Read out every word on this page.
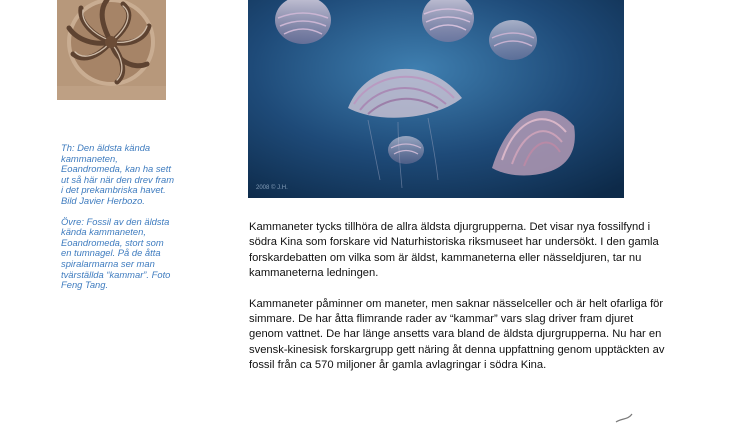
Th: Den äldsta kända kammaneten, Eoandromeda, kan ha sett ut så här när den drev fram i det prekambriska havet. Bild Javier Herbozo.

Övre: Fossil av den äldsta kända kammaneten, Eoandromeda, stort som en tumnagel. På de åtta spiralarmarna ser man tvärställda “kammar”. Foto Feng Tang.

2008 © J.H.

Kammaneter tycks tillhöra de allra äldsta djurgrupperna. Det visar nya fossilfynd i södra Kina som forskare vid Naturhistoriska riksmuseet har undersökt. I den gamla forskardebatten om vilka som är äldst, kammaneterna eller nässeldjuren, tar nu kammaneterna ledningen.

Kammaneter påminner om maneter, men saknar nässelceller och är helt ofarliga för simmare. De har åtta flimrande rader av “kammar” vars slag driver fram djuret genom vattnet. De har länge ansetts vara bland de äldsta djurgrupperna. Nu har en svensk-kinesisk forskargrupp gett näring åt denna uppfattning genom upptäckten av fossil från ca 570 miljoner år gamla avlagringar i södra Kina.
